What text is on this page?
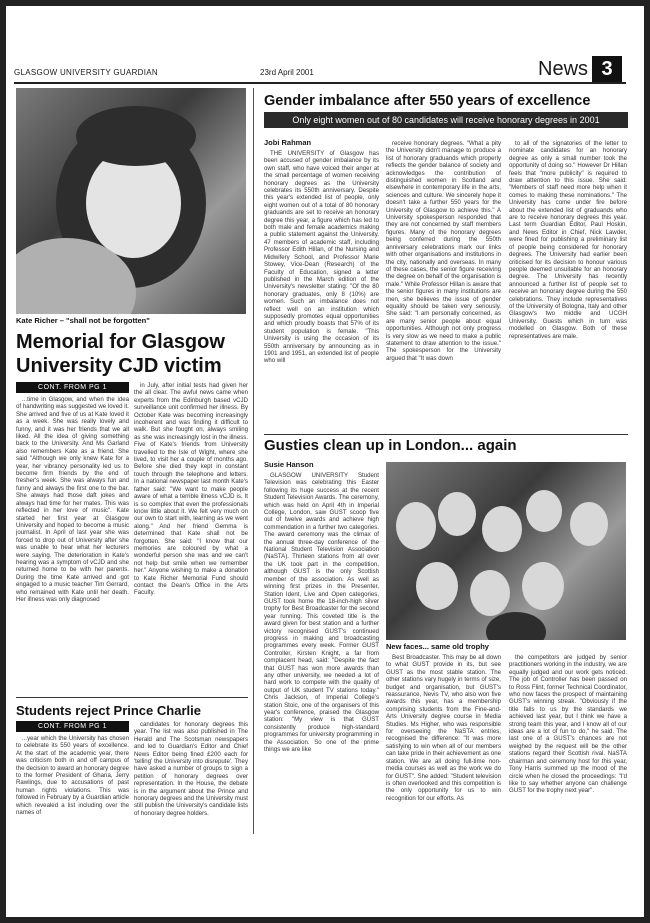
GLASGOW UNIVERSITY GUARDIAN	23rd April 2001	News 3
Kate Richer – "shall not be forgotten"
Memorial for Glasgow University CJD victim
CONT. FROM PG 1

...time in Glasgow, and when the idea of handwriting was suggested we loved it. She arrived and five of us at Kate loved it as a week. She was really lovely and funny, and it was her friends that we all liked. All the idea of giving something back to the University. And Ms Garland also remembers Kate as a friend. She said "Although we only knew Kate for a year, her vibrancy personality led us to become firm friends by the end of fresher's week. She was always fun and funny and always the first one to the bar. She always had those daft jokes and always had time for her mates. This was reflected in her love of music". Kate started her first year at Glasgow University and hoped to become a music journalist. In April of last year she was forced to drop out of University after she was unable to hear what her lecturers were saying. The deterioration in Kate's hearing was a symptom of vCJD and she returned home to be with her parents. During the time Kate arrived and got engaged to a music teacher Tim Gerrard, who remained with Kate until her death. Her illness was only diagnosed

in July, after initial tests had given her the all clear. The awful news came when experts from the Edinburgh based vCJD surveillance unit confirmed her illness. By October Kate was becoming increasingly incoherent and was finding it difficult to walk. But she fought on, always smiling as she was increasingly lost in the illness. Five of Kate's friends from University travelled to the Isle of Wight, where she lived, to visit her a couple of months ago. Before she died they kept in constant touch through the telephone and letters. In a national newspaper last month Kate's father said: "We want to make people aware of what a terrible illness vCJD is. It is so complex that even the professionals know little about it. We felt very much on our own to start with, learning as we went along." And her friend Gemma is determined that Kate shall not be forgotten. She said: "I know that our memories are coloured by what a wonderful person she was and we can't not help but smile when we remember her." Anyone wishing to make a donation to Kate Richer Memorial Fund should contact the Dean's Office in the Arts Faculty.

Students reject Prince Charlie
CONT. FROM PG 1

...year which the University has chosen to celebrate its 550 years of excellence. At the start of the academic year, there was criticism both in and off campus of the decision to award an honorary degree to the former President of Ghana, Jerry Rawlings, due to accusations of past human rights violations. This was followed in February by a Guardian article which revealed a list including over the names of

candidates for honorary degrees this year. The list was also published in The Herald and The Scotsman newspapers and led to Guardian's Editor and Chief News Editor being fined £200 each for 'telling' the University into disrepute'. They have asked a number of groups to sign a petition of honorary degrees over representation. In the House, the debate is in the argument about the Prince and honorary degrees and the University must still publish the University's candidate lists of honorary degree holders.

Gender imbalance after 550 years of excellence
Only eight women out of 80 candidates will receive honorary degrees in 2001
Jobi Rahman

THE UNIVERSITY of Glasgow has been accused of gender imbalance by its own staff, who have voiced their anger at the small percentage of women receiving honorary degrees as the University celebrates its 550th anniversary. Despite this year's extended list of people, only eight women out of a total of 80 honorary graduands are set to receive an honorary degree this year, a figure which has led to both male and female academics making a public statement against the University. 47 members of academic staff, including Professor Edith Hillan, of the Nursing and Midwifery School, and Professor Marie Stowey, Vice-Dean (Research) of the Faculty of Education, signed a letter published in the March edition of the University's newsletter stating: "Of the 80 honorary graduates, only 8 (10%) are women. Such an imbalance does not reflect well on an institution which supposedly promotes equal opportunities and which proudly boasts that 57% of its student population is female. "This University is using the occasion of its 550th anniversary by announcing as in 1901 and 1951, an extended list of people who will

receive honorary degrees. "What a pity the University didn't manage to produce a list of honorary graduands which properly reflects the gender balance of society and acknowledges the contribution of distinguished women in Scotland and elsewhere in contemporary life in the arts, sciences and culture. We sincerely hope it doesn't take a further 550 years for the University of Glasgow to achieve this." A University spokesperson responded that they are not concerned by staff members figures. Many of the honorary degrees being conferred during the 550th anniversary celebrations mark our links with other organisations and institutions in the city, nationally and overseas. In many of these cases, the senior figure receiving the degree on behalf of the organisation is male." While Professor Hillan is aware that the senior figures in many institutions are men, she believes the issue of gender equality should be taken very seriously. She said: "I am personally concerned, as are many senior people about equal opportunities. Although not only progress is very slow as we need to make a public statement to draw attention to the issue." The spokesperson for the University argued that "It was down

to all of the signatories of the letter to nominate candidates for an honorary degree as only a small number took the opportunity of doing so." However Dr Hillan feels that "more publicity" is required to draw attention to this issue. She said: "Members of staff need more help when it comes to making these nominations." The University has come under fire before about the extended list of graduands who are to receive honorary degrees this year. Last term Guardian Editor, Paul Hoskin, and News Editor in Chief, Nick Lawder, were fined for publishing a preliminary list of people being considered for honorary degrees. The University had earlier been criticised for its decision to honour various people deemed unsuitable for an honorary degree. The University has recently announced a further list of people set to receive an honorary degree during the 550 celebrations. They include representatives of the University of Bologna, Italy and other Glasgow's two middle and UCGH University. Guests which in turn was modelled on Glasgow. Both of these representatives are male.

Gusties clean up in London... again
Susie Hanson

GLASGOW UNIVERSITY Student Television was celebrating this Easter following its huge success at the recent Student Television Awards. The ceremony, which was held on April 4th in Imperial College, London, saw GUST scoop five out of twelve awards and achieve high commendation in a further two categories. The award ceremony was the climax of the annual three-day conference of the National Student Television Association (NaSTA). Thirteen stations from all over the UK took part in the competition, although GUST is the only Scottish member of the association. As well as winning first prizes in the Presenter, Station Ident, Live and Open categories, GUST took home the 18-inch-high silver trophy for Best Broadcaster for the second year running. This coveted title is the award given for best station and a further victory recognised GUST's continued progress in making and broadcasting programmes every week. Former GUST Controller, Kirsten Knight, a far from complacent head, said: "Despite the fact that GUST has won more awards than any other university, we needed a lot of hard work to compete with the quality of output of UK student TV stations today." Chris Jackson, of Imperial College's station Stoic, one of the organisers of this year's conference, praised the Glasgow station: "My view is that GUST consistently produce high-standard programmes for university programming in the Association. So one of the prime things we are like

New faces... same old trophy

Best Broadcaster. This may be all down to what GUST provide in its, but see GUST as the most stable station. The other stations vary hugely in terms of size, budget and organisation, but GUST's reassurance, Nevis TV, who also won five awards this year, has a membership comprising students from the Fine-and-Arts University degree course in Media Studies. Ms Higher, who was responsible for overseeing the NaSTA entries, recognised the difference: "It was more satisfying to win when all of our members can take pride in their achievement as one station. We are all doing full-time non-media courses as well as the work we do for GUST". She added: "Student television is often overlooked and this competition is the only opportunity for us to win recognition for our efforts. As

the competitors are judged by senior practitioners working in the industry, we are equally judged and our work gets noticed. The job of Controller has been passed on to Ross Flint, former Technical Coordinator, who now faces the prospect of maintaining GUST's winning streak. "Obviously if the title falls to us by the standards we achieved last year, but I think we have a strong team this year, and I know all of our ideas are a lot of fun to do," he said. The last one of a GUST's chances are not weighed by the request will be the other stations regard their Scottish rival. NaSTA chairman and ceremony host for this year, Tony Harris summed up the mood of the circle when he closed the proceedings: "I'd like to say whether anyone can challenge GUST for the trophy next year".
